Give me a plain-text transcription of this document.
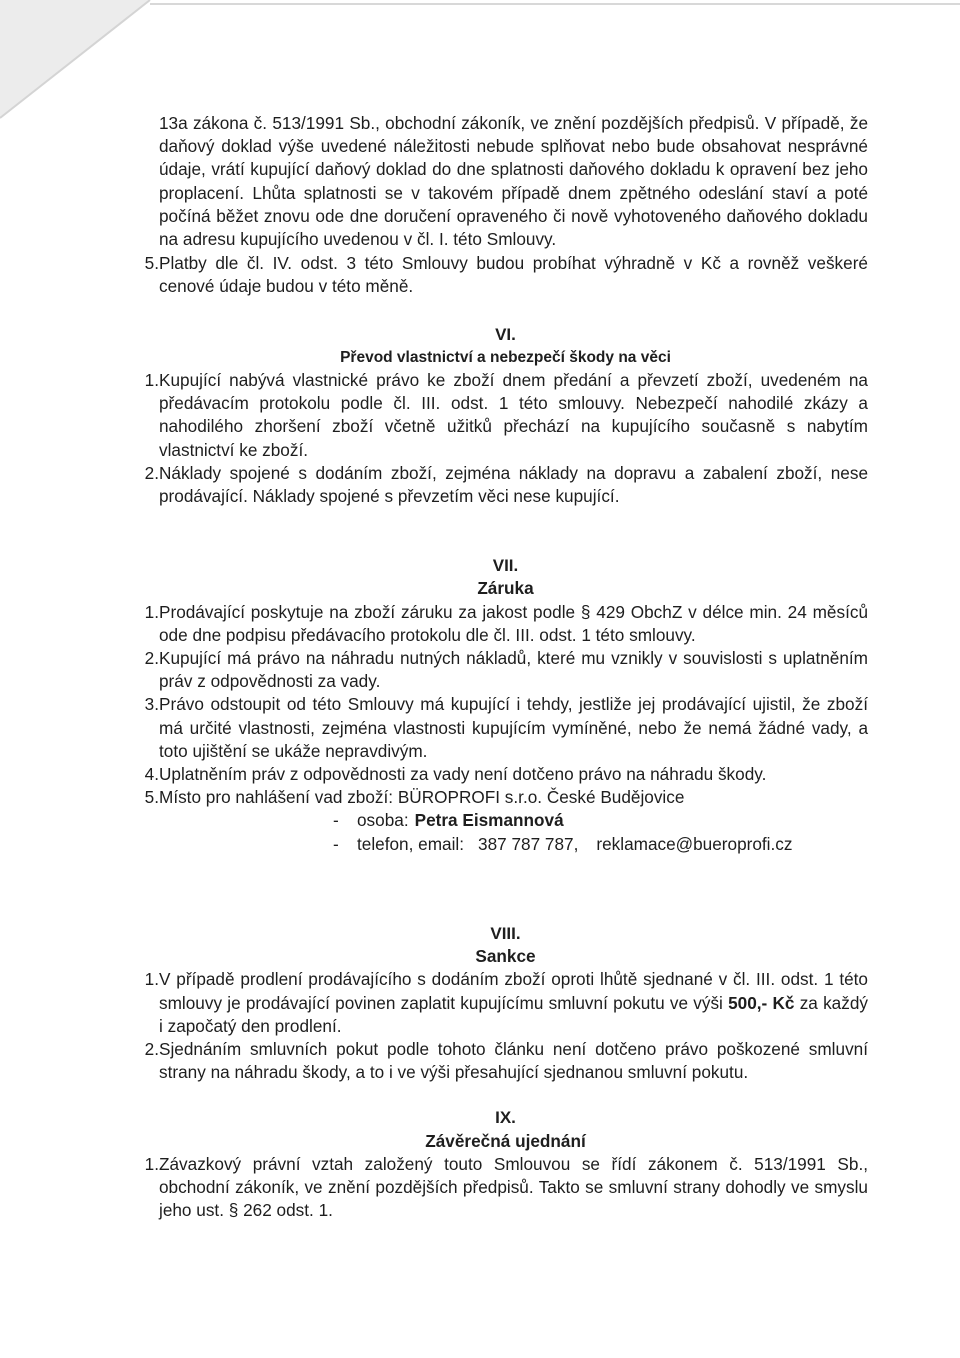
13a zákona č. 513/1991 Sb., obchodní zákoník, ve znění pozdějších předpisů. V případě, že daňový doklad výše uvedené náležitosti nebude splňovat nebo bude obsahovat nesprávné údaje, vrátí kupující daňový doklad do dne splatnosti daňového dokladu k opravení bez jeho proplacení. Lhůta splatnosti se v takovém případě dnem zpětného odeslání staví a poté počíná běžet znovu ode dne doručení opraveného či nově vyhotoveného daňového dokladu na adresu kupujícího uvedenou v čl. I. této Smlouvy.

5. Platby dle čl. IV. odst. 3 této Smlouvy budou probíhat výhradně v Kč a rovněž veškeré cenové údaje budou v této měně.

VI.

Převod vlastnictví a nebezpečí škody na věci

1. Kupující nabývá vlastnické právo ke zboží dnem předání a převzetí zboží, uvedeném na předávacím protokolu podle čl. III. odst. 1 této smlouvy. Nebezpečí nahodilé zkázy a nahodilého zhoršení zboží včetně užitků přechází na kupujícího současně s nabytím vlastnictví ke zboží.
2. Náklady spojené s dodáním zboží, zejména náklady na dopravu a zabalení zboží, nese prodávající. Náklady spojené s převzetím věci nese kupující.

VII.

Záruka

1. Prodávající poskytuje na zboží záruku za jakost podle § 429 ObchZ v délce min. 24 měsíců ode dne podpisu předávacího protokolu dle čl. III. odst. 1 této smlouvy.
2. Kupující má právo na náhradu nutných nákladů, které mu vznikly v souvislosti s uplatněním práv z odpovědnosti za vady.
3. Právo odstoupit od této Smlouvy má kupující i tehdy, jestliže jej prodávající ujistil, že zboží má určité vlastnosti, zejména vlastnosti kupujícím vymíněné, nebo že nemá žádné vady, a toto ujištění se ukáže nepravdivým.
4. Uplatněním práv z odpovědnosti za vady není dotčeno právo na náhradu škody.
5. Místo pro nahlášení vad zboží: BÜROPROFI s.r.o. České Budějovice
-	osoba: Petra Eismannová
-	telefon, email: 387 787 787, reklamace@bueroprofi.cz

VIII.

Sankce

1. V případě prodlení prodávajícího s dodáním zboží oproti lhůtě sjednané v čl. III. odst. 1 této smlouvy je prodávající povinen zaplatit kupujícímu smluvní pokutu ve výši 500,- Kč za každý i započatý den prodlení.
2. Sjednáním smluvních pokut podle tohoto článku není dotčeno právo poškozené smluvní strany na náhradu škody, a to i ve výši přesahující sjednanou smluvní pokutu.

IX.

Závěrečná ujednání

1. Závazkový právní vztah založený touto Smlouvou se řídí zákonem č. 513/1991 Sb., obchodní zákoník, ve znění pozdějších předpisů. Takto se smluvní strany dohodly ve smyslu jeho ust. § 262 odst. 1.
